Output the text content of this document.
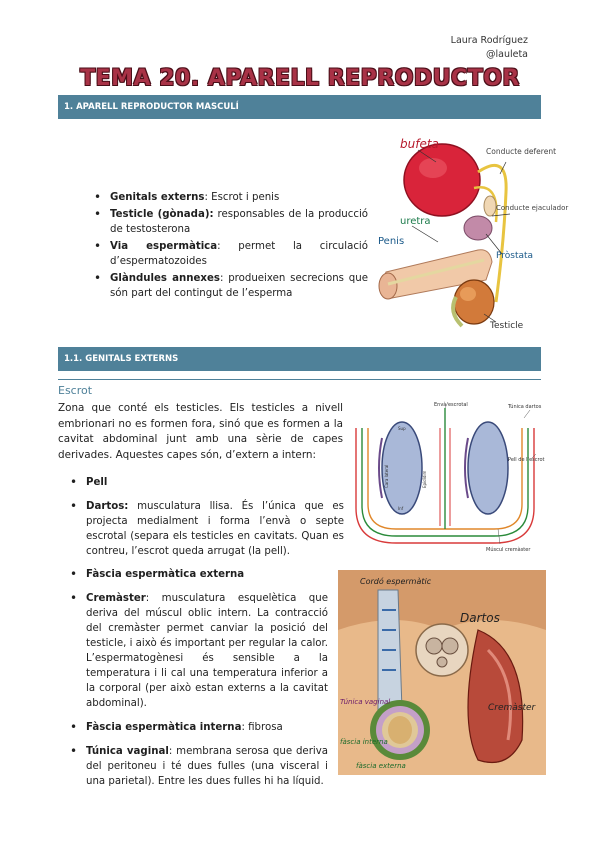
Laura Rodríguez
@lauleta
TEMA 20. APARELL REPRODUCTOR
1. APARELL REPRODUCTOR MASCULÍ
• Genitals externs: Escrot i penis
• Testicle (gònada): responsables de la producció de testosterona
• Via espermàtica: permet la circulació d’espermatozoides
• Glàndules annexes: produeixen secrecions que són part del contingut de l’esperma
bufeta
Conducte deferent
Conducte ejaculador
uretra
Penis
Pròstata
Testicle
1.1. GENITALS EXTERNS
Escrot
Zona que conté els testicles. Els testicles a nivell embrionari no es formen fora, sinó que es formen a la cavitat abdominal junt amb una sèrie de capes derivades. Aquestes capes són, d’extern a intern:
• Pell
• Dartos: musculatura llisa. És l’única que es projecta medialment i forma l’envà o septe escrotal (separa els testicles en cavitats. Quan es contreu, l’escrot queda arrugat (la pell).
Envà escrotal	Túnica dartos
Pell de l’escrot
Múscul cremàster
Sup
Inf
Cara lateral	Epidídim
• Fàscia espermàtica externa
• Cremàster: musculatura esquelètica que deriva del múscul oblic intern. La contracció del cremàster permet canviar la posició del testicle, i això és important per regular la calor. L’espermatogènesi és sensible a la temperatura i li cal una temperatura inferior a la corporal (per això estan externs a la cavitat abdominal).
• Fàscia espermàtica interna: fibrosa
• Túnica vaginal: membrana serosa que deriva del peritoneu i té dues fulles (una visceral i una parietal). Entre les dues fulles hi ha líquid.
Cordó espermàtic
Dartos
Túnica vaginal
fàscia interna
fàscia externa
Cremàster
